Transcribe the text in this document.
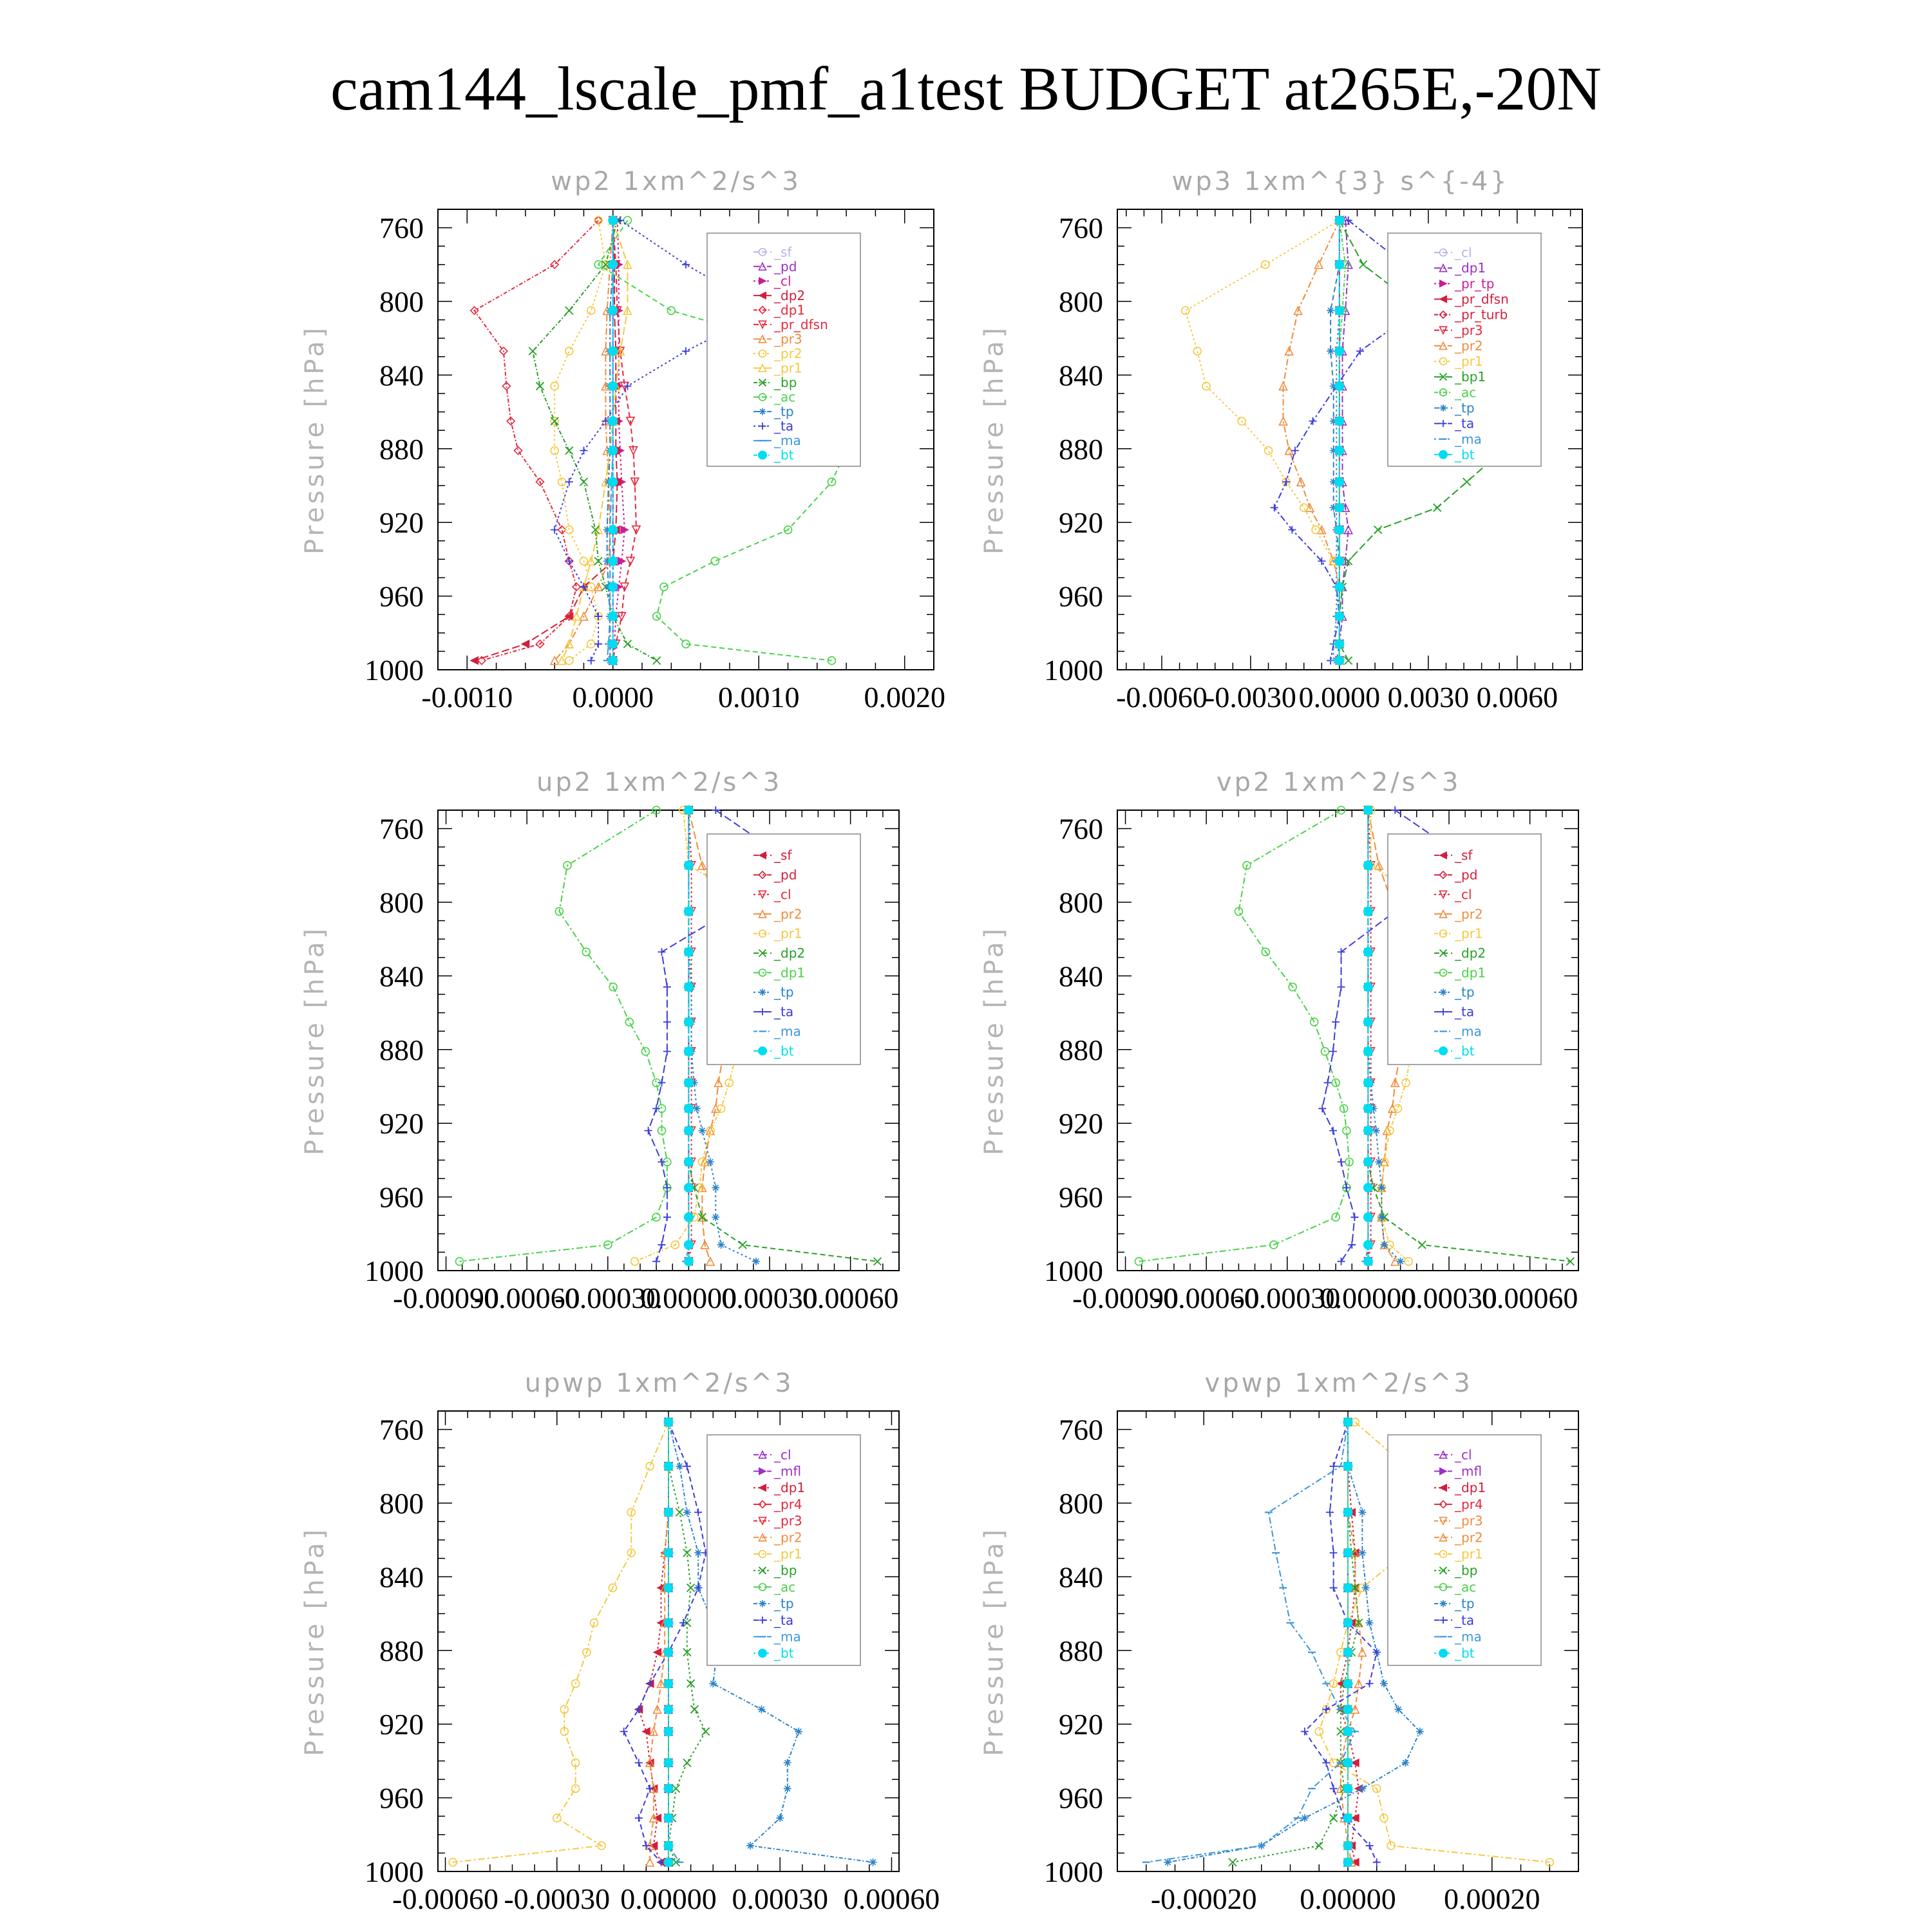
cam144_lscale_pmf_a1test BUDGET at265E,-20N
wp2 1xm^2/s^3
Pressure [hPa]
760
800
840
880
920
960
1000
-0.0010 0.0000 0.0010 0.0020
_sf
_pd
_cl
_dp2
_dp1
_pr_dfsn
_pr3
_pr2
_pr1
_bp
_ac
_tp
_ta
_ma
_bt
wp3 1xm^{3} s^{-4}
Pressure [hPa]
760
800
840
880
920
960
1000
-0.0060
-0.0030 0.0000 0.0030 0.0060
_cl
_dp1
_pr_tp
_pr_dfsn
_pr_turb
_pr3
_pr2
_pr1
_bp1
_ac
_tp
_ta
_ma
_bt
up2 1xm^2/s^3
Pressure [hPa]
760
800
840
880
920
960
1000
-0.00090
-0.00060
-0.00030
0.00000
0.00030
0.00060
_sf
_pd
_cl
_pr2
_pr1
_dp2
_dp1
_tp
_ta
_ma
_bt
vp2 1xm^2/s^3
Pressure [hPa]
760
800
840
880
920
960
1000
-0.00090
-0.00060
-0.00030
0.00000
0.00030
0.00060
_sf
_pd
_cl
_pr2
_pr1
_dp2
_dp1
_tp
_ta
_ma
_bt
upwp 1xm^2/s^3
Pressure [hPa]
760
800
840
880
920
960
1000
-0.00060 -0.00030 0.00000 0.00030 0.00060
_cl
_mfl
_dp1
_pr4
_pr3
_pr2
_pr1
_bp
_ac
_tp
_ta
_ma
_bt
vpwp 1xm^2/s^3
Pressure [hPa]
760
800
840
880
920
960
1000
-0.00020 0.00000 0.00020
_cl
_mfl
_dp1
_pr4
_pr3
_pr2
_pr1
_bp
_ac
_tp
_ta
_ma
_bt
